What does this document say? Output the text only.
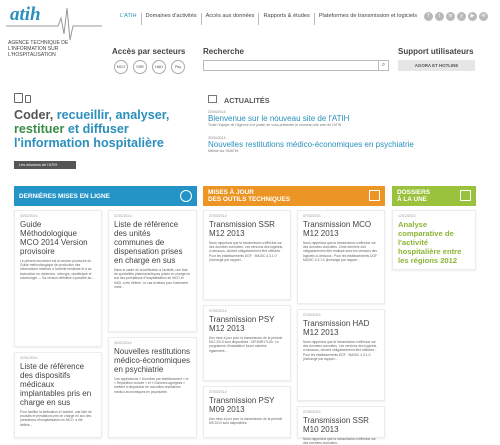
atih
AGENCE TECHNIQUE DE L'INFORMATION SUR L'HOSPITALISATION
L'ATIH	Domaines d'activités	Accès aux données	Rapports & études	Plateformes de transmission et logiciels	f	t	in	y	▶	✉
Accès par secteurs
MCO	SSR	HAD	Psy
Recherche
⌕
Support utilisateurs
AGORA ET HOTLINE
Coder, recueillir, analyser, restituer et diffuser l'information hospitalière
Les missions de l'ATIH
ACTUALITÉS
20/04/2014
Bienvenue sur le nouveau site de l'ATIH
Toute l'équipe de l'Agence a le plaisir de vous présenter le nouveau site web de l'ATIH.
30/04/2014
Nouvelles restitutions médico-économiques en psychiatrie
Diffusé sur SNATIH.
DERNIÈRES MISES EN LIGNE
MISES À JOUR
DES OUTILS TECHNIQUES
DOSSIERS
À LA UNE
03/02/2014
Guide Méthodologique MCO 2014 Version provisoire
Le présent document est la version provisoire du Guide méthodologique de production des informations relatives à l'activité médicale et à sa facturation en médecine, chirurgie, obstétrique et odontologie — Sa version définitive à paraître au...
31/01/2014
Liste de référence des dispositifs médicaux implantables pris en charge en sus
Pour faciliter la tarification à l'activité, une liste de produits et prestations pris en charge en sus des prestations d'hospitalisation en MCO, a été définie...
31/01/2014
Liste de référence des unités communes de dispensation prises en charge en sus
Dans le cadre de la tarification à l'activité, une liste de spécialités pharmaceutiques prises en charge en sus des prestations d'hospitalisation en MCO et HAD, a été définie. Le cas échéant pour traitement mobi...
30/01/2014
Nouvelles restitutions médico-économiques en psychiatrie
Ces applications « Données par établissement » et « Répartition croisée » et « Données agrégées » mettent à disposition de nouvelles restitutions médico-économiques en psychiatrie.
07/03/2014
Transmission SSR M12 2013
Nous rappelons que la transmission s'effectue sur des données cumulées. Les versions des logiciels, ci-dessous, doivent obligatoirement être utilisées : Pour les établissements DGF : MAGIC 4.3.1.0 (inchangé par rapport...
07/03/2014
Transmission PSY M12 2013
Des mise à jour pour la transmission de la période M12 2013 sont disponibles : DIPJMR1710A : Le programme d'installation fourni autorise également...
07/03/2014
Transmission PSY M09 2013
Des mise à jour pour la transmission de la période M9 2013 sont disponibles.
07/03/2014
Transmission MCO M12 2013
Nous rappelons que la transmission s'effectue sur des données cumulées. Cette dernière doit obligatoirement être réalisée avec les versions des logiciels ci-dessous : Pour les établissements DGF : MAGIC 4.3.1.0 (inchangé par rapport...
07/03/2014
Transmission HAD M12 2013
Nous rappelons que la transmission s'effectue sur des données cumulées. Les versions des logiciels, ci-dessous, doivent obligatoirement être utilisées : Pour les établissements DGF : MAGIC 4.3.1.0 (inchangé par rapport...
07/03/2014
Transmission SSR M10 2013
Nous rappelons que la transmission s'effectue sur des données cumulées.
12/12/2013
Analyse comparative de l'activité hospitalière entre les régions 2012
